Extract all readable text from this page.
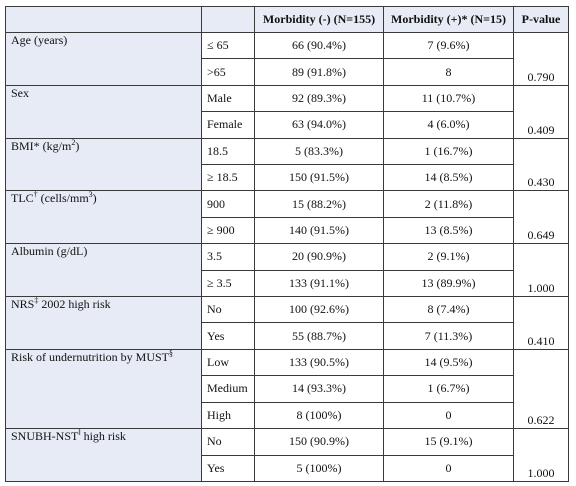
		Morbidity (-) (N=155)	Morbidity (+)* (N=15)	P-value
Age (years)	≤ 65	66 (90.4%)	7 (9.6%)	0.790
	>65	89 (91.8%)	8	
Sex	Male	92 (89.3%)	11 (10.7%)	0.409
	Female	63 (94.0%)	4 (6.0%)	
BMI* $(kg/m^2)$	18.5	5 (83.3%)	1 (16.7%)	0.430
	≥ 18.5	150 (91.5%)	14 (8.5%)	
TLC† $(cells/mm^3)$	900	15 (88.2%)	2 (11.8%)	0.649
	≥ 900	140 (91.5%)	13 (8.5%)	
Albumin (g/dL)	3.5	20 (90.9%)	2 (9.1%)	1.000
	≥ 3.5	133 (91.1%)	13 (89.9%)	
NRS‡ 2002 high risk	No	100 (92.6%)	8 (7.4%)	0.410
	Yes	55 (88.7%)	7 (11.3%)	
Risk of undernutrition by MUST§	Low	133 (90.5%)	14 (9.5%)	0.622
	Medium	14 (93.3%)	1 (6.7%)	
	High	8 (100%)	0	
SNUBH-NST‖ high risk	No	150 (90.9%)	15 (9.1%)	1.000
	Yes	5 (100%)	0	
